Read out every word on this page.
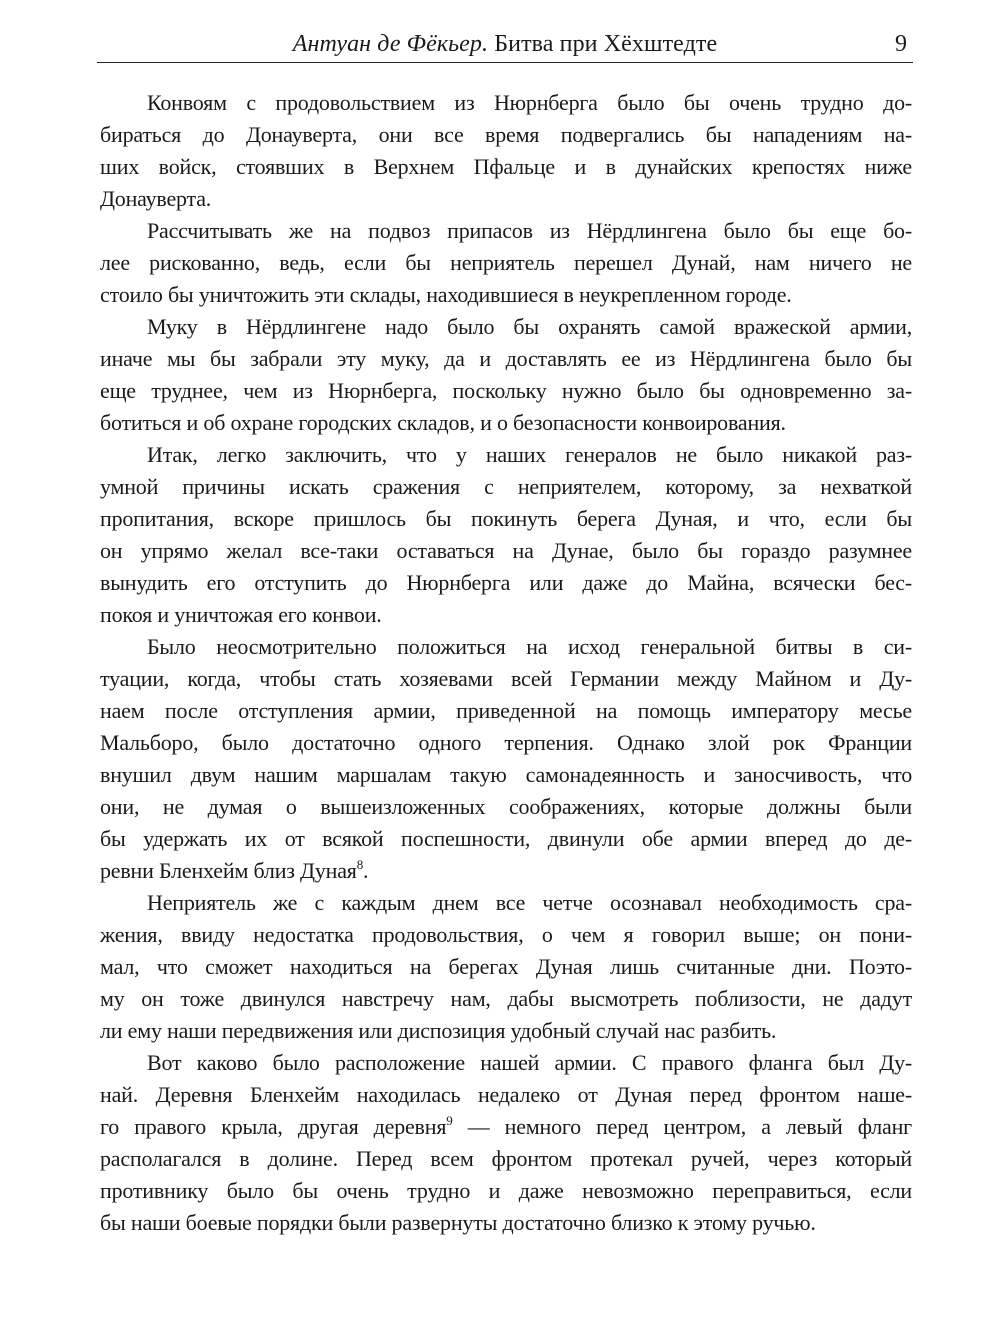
Антуан де Фёкьер. Битва при Хёхштедте	9
Конвоям с продовольствием из Нюрнберга было бы очень трудно до-
бираться до Донауверта, они все время подвергались бы нападениям на-
ших войск, стоявших в Верхнем Пфальце и в дунайских крепостях ниже
Донауверта.
Рассчитывать же на подвоз припасов из Нёрдлингена было бы еще бо-
лее рискованно, ведь, если бы неприятель перешел Дунай, нам ничего не
стоило бы уничтожить эти склады, находившиеся в неукрепленном городе.
Муку в Нёрдлингене надо было бы охранять самой вражеской армии,
иначе мы бы забрали эту муку, да и доставлять ее из Нёрдлингена было бы
еще труднее, чем из Нюрнберга, поскольку нужно было бы одновременно за-
ботиться и об охране городских складов, и о безопасности конвоирования.
Итак, легко заключить, что у наших генералов не было никакой раз-
умной причины искать сражения с неприятелем, которому, за нехваткой
пропитания, вскоре пришлось бы покинуть берега Дуная, и что, если бы
он упрямо желал все-таки оставаться на Дунае, было бы гораздо разумнее
вынудить его отступить до Нюрнберга или даже до Майна, всячески бес-
покоя и уничтожая его конвои.
Было неосмотрительно положиться на исход генеральной битвы в си-
туации, когда, чтобы стать хозяевами всей Германии между Майном и Ду-
наем после отступления армии, приведенной на помощь императору месье
Мальборо, было достаточно одного терпения. Однако злой рок Франции
внушил двум нашим маршалам такую самонадеянность и заносчивость, что
они, не думая о вышеизложенных соображениях, которые должны были
бы удержать их от всякой поспешности, двинули обе армии вперед до де-
ревни Бленхейм близ Дуная$^8$.
Неприятель же с каждым днем все четче осознавал необходимость сра-
жения, ввиду недостатка продовольствия, о чем я говорил выше; он пони-
мал, что сможет находиться на берегах Дуная лишь считанные дни. Поэто-
му он тоже двинулся навстречу нам, дабы высмотреть поблизости, не дадут
ли ему наши передвижения или диспозиция удобный случай нас разбить.
Вот каково было расположение нашей армии. С правого фланга был Ду-
най. Деревня Бленхейм находилась недалеко от Дуная перед фронтом наше-
го правого крыла, другая деревня$^9$ — немного перед центром, а левый фланг
располагался в долине. Перед всем фронтом протекал ручей, через который
противнику было бы очень трудно и даже невозможно переправиться, если
бы наши боевые порядки были развернуты достаточно близко к этому ручью.
